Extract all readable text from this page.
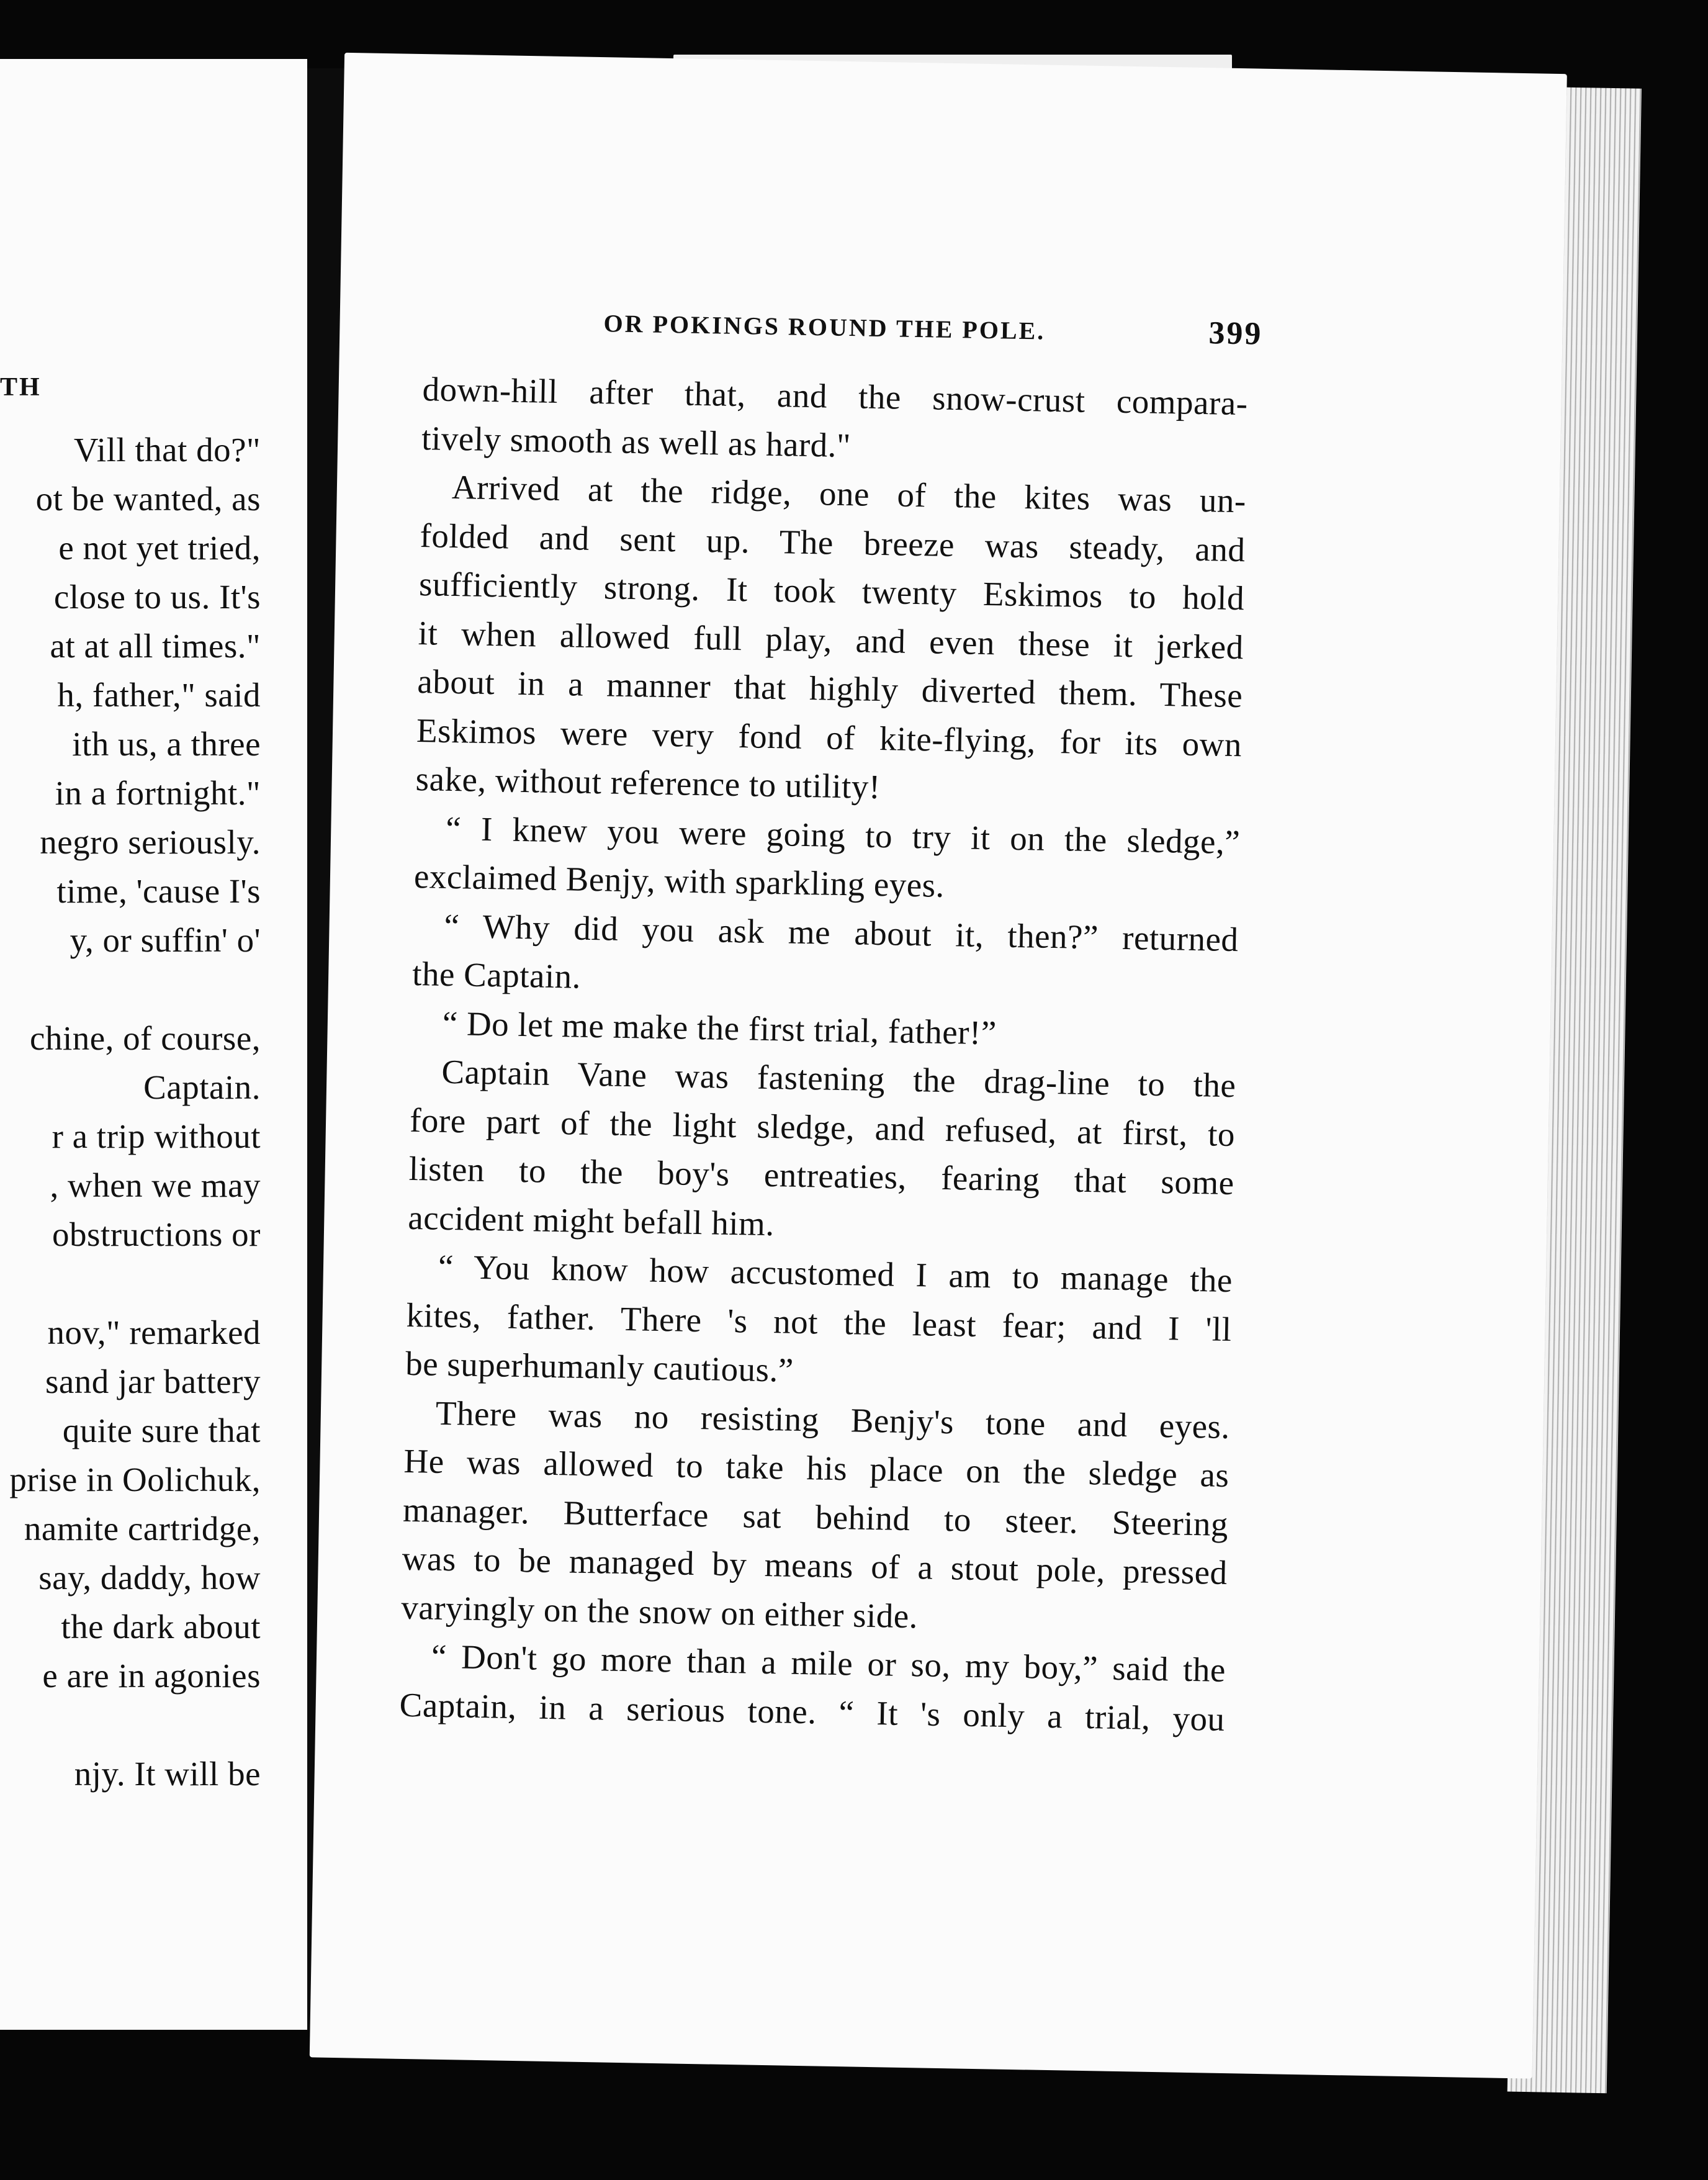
TH
Vill that do?"
ot be wanted, as
e not yet tried,
close to us. It's
at at all times."
h, father," said
ith us, a three
in a fortnight."
negro seriously.
time, 'cause I's
y, or suffin' o'
chine, of course,
Captain.
r a trip without
, when we may
obstructions or
nov," remarked
sand jar battery
quite sure that
prise in Oolichuk,
namite cartridge,
say, daddy, how
the dark about
e are in agonies
njy. It will be
OR POKINGS ROUND THE POLE.	399
down-hill after that, and the snow-crust compara-
tively smooth as well as hard."
Arrived at the ridge, one of the kites was un-
folded and sent up. The breeze was steady, and
sufficiently strong. It took twenty Eskimos to hold
it when allowed full play, and even these it jerked
about in a manner that highly diverted them. These
Eskimos were very fond of kite-flying, for its own
sake, without reference to utility!
“ I knew you were going to try it on the sledge,”
exclaimed Benjy, with sparkling eyes.
“ Why did you ask me about it, then?” returned
the Captain.
“ Do let me make the first trial, father!”
Captain Vane was fastening the drag-line to the
fore part of the light sledge, and refused, at first, to
listen to the boy's entreaties, fearing that some
accident might befall him.
“ You know how accustomed I am to manage the
kites, father. There 's not the least fear; and I 'll
be superhumanly cautious.”
There was no resisting Benjy's tone and eyes.
He was allowed to take his place on the sledge as
manager. Butterface sat behind to steer. Steering
was to be managed by means of a stout pole, pressed
varyingly on the snow on either side.
“ Don't go more than a mile or so, my boy,” said the
Captain, in a serious tone. “ It 's only a trial, you
